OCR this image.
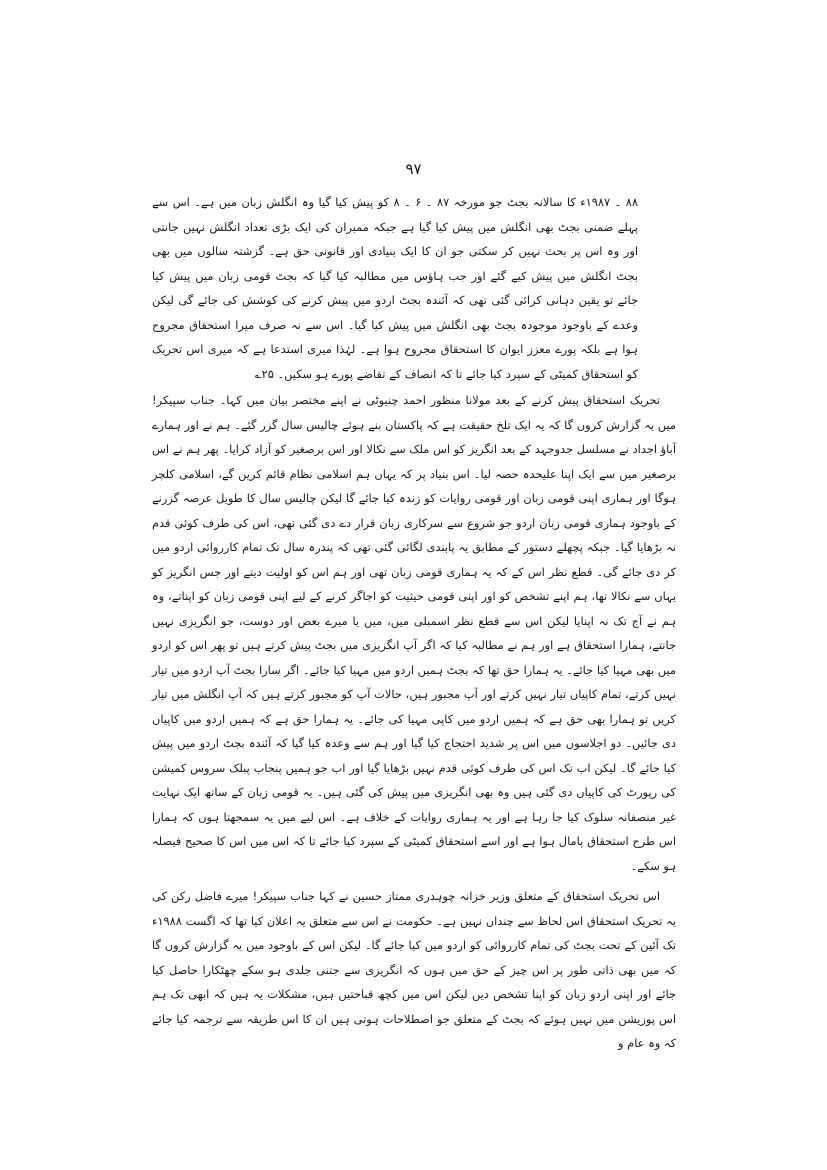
۹۷

۸۸ ۔ ۱۹۸۷ء کا سالانہ بجٹ جو مورخہ ۸۷ ۔ ۶ ۔ ۸ کو پیش کیا گیا وہ انگلش زبان میں ہے۔ اس سے پہلے ضمنی بجٹ بھی انگلش میں پیش کیا گیا ہے جبکہ ممبران کی ایک بڑی تعداد انگلش نہیں جانتی اور وہ اس پر بحث نہیں کر سکتی جو ان کا ایک بنیادی اور قانونی حق ہے۔ گزشتہ سالوں میں بھی بجٹ انگلش میں پیش کیے گئے اور جب ہاؤس میں مطالبہ کیا گیا کہ بجٹ قومی زبان میں پیش کیا جائے تو یقین دہانی کرائی گئی تھی کہ آئندہ بجٹ اردو میں پیش کرنے کی کوشش کی جائے گی لیکن وعدے کے باوجود موجودہ بجٹ بھی انگلش میں پیش کیا گیا۔ اس سے نہ صرف میرا استحقاق مجروح ہوا ہے بلکہ پورے معزز ایوان کا استحقاق مجروح ہوا ہے۔ لہٰذا میری استدعا ہے کہ میری اس تحریک کو استحقاق کمیٹی کے سپرد کیا جائے تا کہ انصاف کے تقاضے پورے ہو سکیں۔ ۲۵؎

تحریک استحقاق پیش کرنے کے بعد مولانا منظور احمد چنیوٹی نے اپنے مختصر بیان میں کہا۔ جناب سپیکر! میں یہ گزارش کروں گا کہ یہ ایک تلخ حقیقت ہے کہ پاکستان بنے ہوئے چالیس سال گزر گئے۔ ہم نے اور ہمارے آباؤ اجداد نے مسلسل جدوجہد کے بعد انگریز کو اس ملک سے نکالا اور اس برصغیر کو آزاد کرایا۔ پھر ہم نے اس برصغیر میں سے ایک اپنا علیحدہ حصہ لیا۔ اس بنیاد پر کہ یہاں ہم اسلامی نظام قائم کریں گے، اسلامی کلچر ہوگا اور ہماری اپنی قومی زبان اور قومی روایات کو زندہ کیا جائے گا لیکن چالیس سال کا طویل عرصہ گزرنے کے باوجود ہماری قومی زبان اردو جو شروع سے سرکاری زبان قرار دے دی گئی تھی، اس کی طرف کوئی قدم نہ بڑھایا گیا۔ جبکہ پچھلے دستور کے مطابق یہ پابندی لگائی گئی تھی کہ پندرہ سال تک تمام کارروائی اردو میں کر دی جائے گی۔ قطع نظر اس کے کہ یہ ہماری قومی زبان تھی اور ہم اس کو اولیت دیتے اور جس انگریز کو یہاں سے نکالا تھا، ہم اپنے تشخص کو اور اپنی قومی حیثیت کو اجاگر کرنے کے لیے اپنی قومی زبان کو اپناتے، وہ ہم نے آج تک نہ اپنایا لیکن اس سے قطع نظر اسمبلی میں، میں یا میرے بعض اور دوست، جو انگریزی نہیں جانتے، ہمارا استحقاق ہے اور ہم نے مطالبہ کیا کہ اگر آپ انگریزی میں بجٹ پیش کرتے ہیں تو پھر اس کو اردو میں بھی مہیا کیا جائے۔ یہ ہمارا حق تھا کہ بجٹ ہمیں اردو میں مہیا کیا جائے۔ اگر سارا بجٹ آپ اردو میں تیار نہیں کرتے، تمام کاپیاں تیار نہیں کرتے اور آپ مجبور ہیں، حالات آپ کو مجبور کرتے ہیں کہ آپ انگلش میں تیار کریں تو ہمارا بھی حق ہے کہ ہمیں اردو میں کاپی مہیا کی جائے۔ یہ ہمارا حق ہے کہ ہمیں اردو میں کاپیاں دی جائیں۔ دو اجلاسوں میں اس پر شدید احتجاج کیا گیا اور ہم سے وعدہ کیا گیا کہ آئندہ بجٹ اردو میں پیش کیا جائے گا۔ لیکن اب تک اس کی طرف کوئی قدم نہیں بڑھایا گیا اور اب جو ہمیں پنجاب پبلک سروس کمیشن کی رپورٹ کی کاپیاں دی گئی ہیں وہ بھی انگریزی میں پیش کی گئی ہیں۔ یہ قومی زبان کے ساتھ ایک نہایت غیر منصفانہ سلوک کیا جا رہا ہے اور یہ ہماری روایات کے خلاف ہے۔ اس لیے میں یہ سمجھتا ہوں کہ ہمارا اس طرح استحقاق پامال ہوا ہے اور اسے استحقاق کمیٹی کے سپرد کیا جائے تا کہ اس میں اس کا صحیح فیصلہ ہو سکے۔

اس تحریک استحقاق کے متعلق وزیر خزانہ چوہدری ممتاز حسین نے کہا جناب سپیکر! میرے فاضل رکن کی یہ تحریک استحقاق اس لحاظ سے چنداں نہیں ہے۔ حکومت نے اس سے متعلق یہ اعلان کیا تھا کہ اگست ۱۹۸۸ء تک آئین کے تحت بجٹ کی تمام کارروائی کو اردو میں کیا جائے گا۔ لیکن اس کے باوجود میں یہ گزارش کروں گا کہ میں بھی ذاتی طور پر اس چیز کے حق میں ہوں کہ انگریزی سے جتنی جلدی ہو سکے چھٹکارا حاصل کیا جائے اور اپنی اردو زبان کو اپنا تشخص دیں لیکن اس میں کچھ قباحتیں ہیں، مشکلات یہ ہیں کہ ابھی تک ہم اس پوزیشن میں نہیں ہوئے کہ بجٹ کے متعلق جو اصطلاحات ہوتی ہیں ان کا اس طریقہ سے ترجمہ کیا جائے کہ وہ عام و
